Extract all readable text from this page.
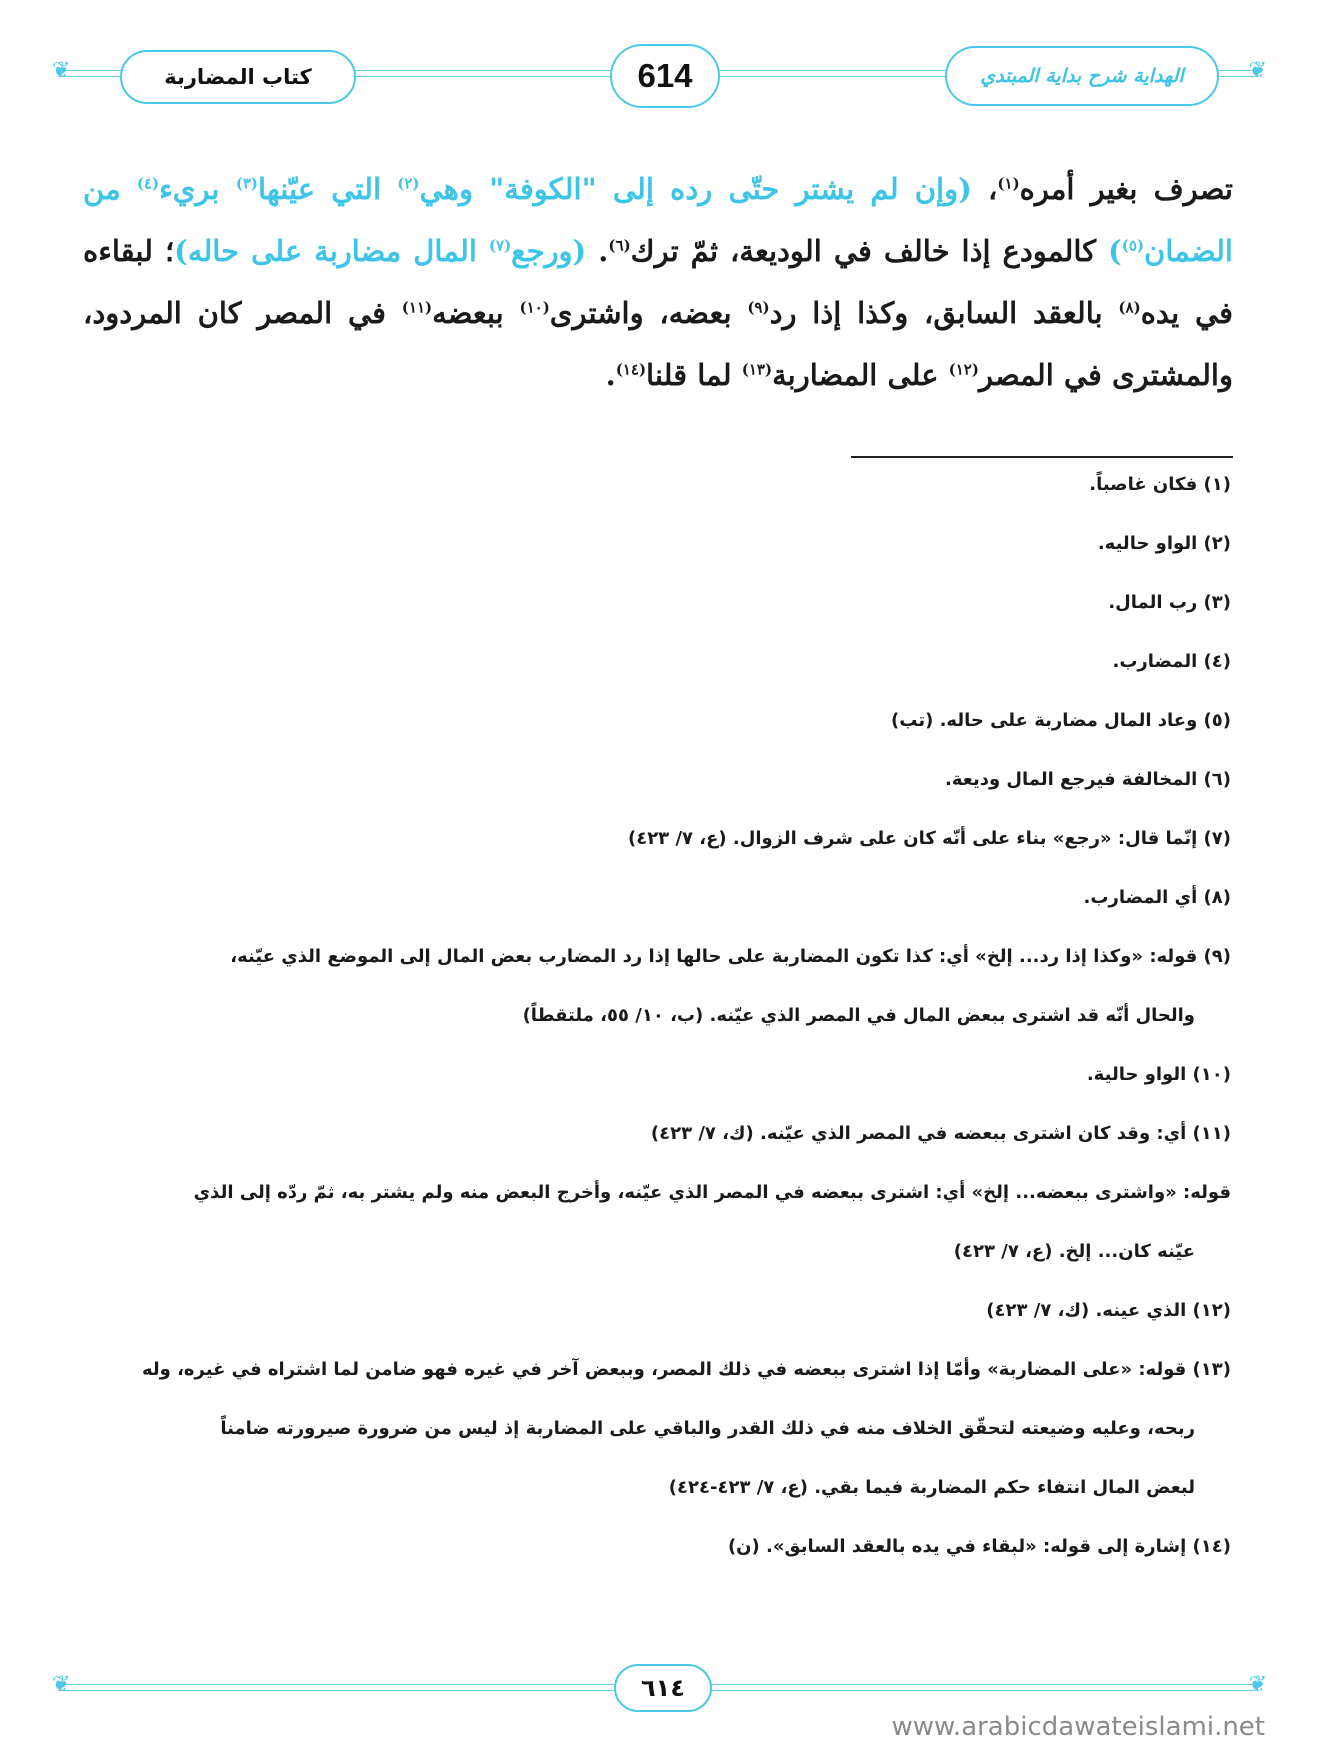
❦	❦
كتاب المضاربة	614	الهداية شرح بداية المبتدي
تصرف بغير أمره$^{(١)}$، (وإن لم يشتر حتّى رده إلى "الكوفة" وهي$^{(٢)}$ التي عيّنها$^{(٣)}$ بريء$^{(٤)}$ من الضمان$^{(٥)}$) كالمودع إذا خالف في الوديعة، ثمّ ترك$^{(٦)}$. (ورجع$^{(٧)}$ المال مضاربة على حاله)؛ لبقاءه في يده$^{(٨)}$ بالعقد السابق، وكذا إذا رد$^{(٩)}$ بعضه، واشترى$^{(١٠)}$ ببعضه$^{(١١)}$ في المصر كان المردود، والمشترى في المصر$^{(١٢)}$ على المضاربة$^{(١٣)}$ لما قلنا$^{(١٤)}$.
(١) فكان غاصباً.
(٢) الواو حاليه.
(٣) رب المال.
(٤) المضارب.
(٥) وعاد المال مضاربة على حاله. (تب)
(٦) المخالفة فيرجع المال وديعة.
(٧) إنّما قال: «رجع» بناء على أنّه كان على شرف الزوال. (ع، ٧/ ٤٢٣)
(٨) أي المضارب.
(٩) قوله: «وكذا إذا رد... إلخ» أي: كذا تكون المضاربة على حالها إذا رد المضارب بعض المال إلى الموضع الذي عيّنه،
والحال أنّه قد اشترى ببعض المال في المصر الذي عيّنه. (ب، ١٠/ ٥٥، ملتقطاً)
(١٠) الواو حالية.
(١١) أي: وقد كان اشترى ببعضه في المصر الذي عيّنه. (ك، ٧/ ٤٢٣)
قوله: «واشترى ببعضه... إلخ» أي: اشترى ببعضه في المصر الذي عيّنه، وأخرج البعض منه ولم يشتر به، ثمّ ردّه إلى الذي
عيّنه كان... إلخ. (ع، ٧/ ٤٢٣)
(١٢) الذي عينه. (ك، ٧/ ٤٢٣)
(١٣) قوله: «على المضاربة» وأمّا إذا اشترى ببعضه في ذلك المصر، وببعض آخر في غيره فهو ضامن لما اشتراه في غيره، وله
ربحه، وعليه وضيعته لتحقّق الخلاف منه في ذلك القدر والباقي على المضاربة إذ ليس من ضرورة صيرورته ضامناً
لبعض المال انتفاء حكم المضاربة فيما بقي. (ع، ٧/ ٤٢٣-٤٢٤)
(١٤) إشارة إلى قوله: «لبقاء في يده بالعقد السابق». (ن)
❦	❦
٦١٤
www.arabicdawateislami.net
